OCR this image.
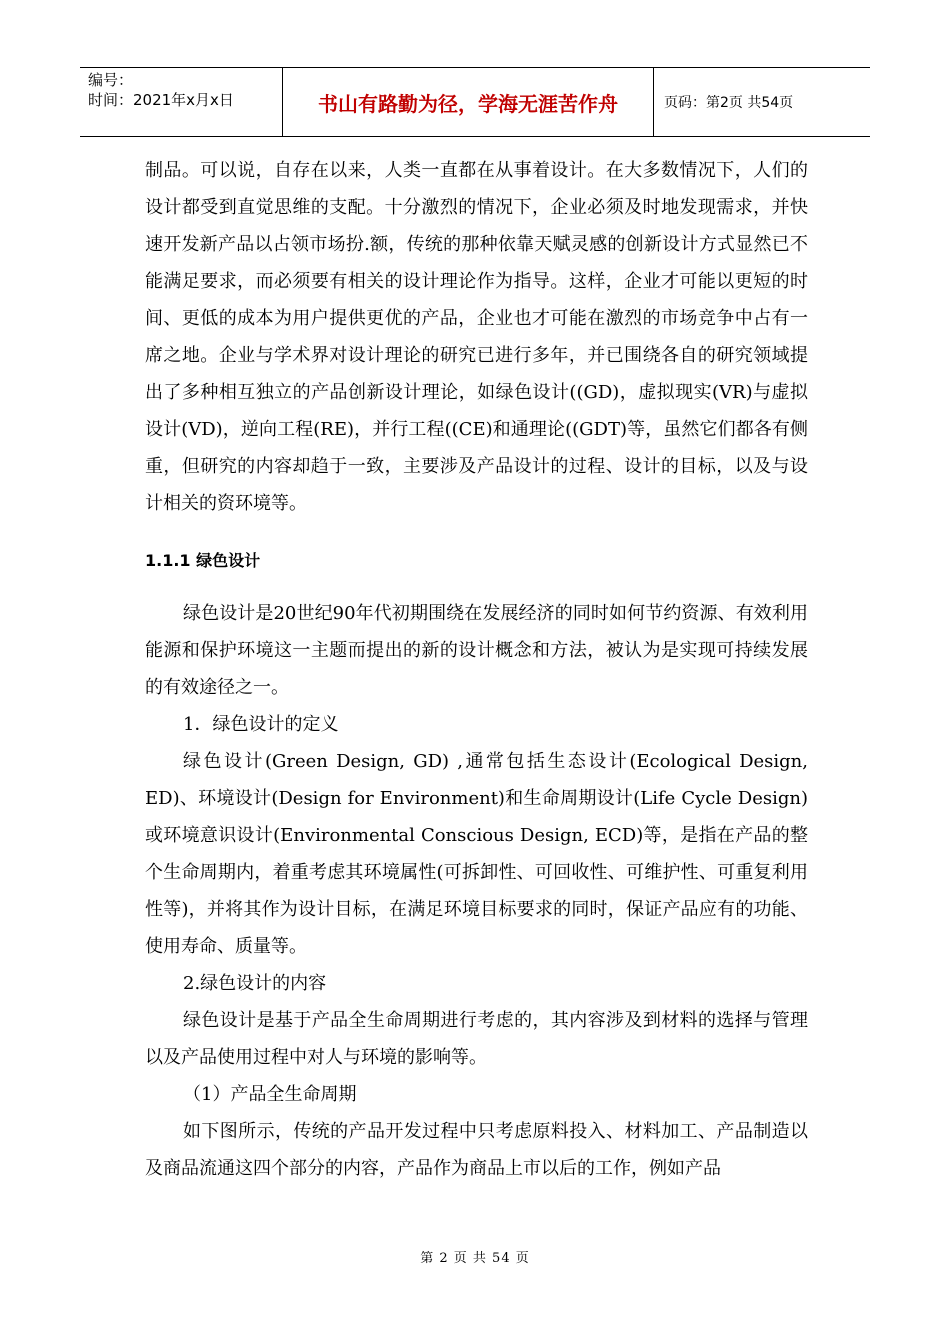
编号：
时间：2021年x月x日	书山有路勤为径，学海无涯苦作舟	页码：第2页 共54页

制品。可以说，自存在以来，人类一直都在从事着设计。在大多数情况下，人们的设计都受到直觉思维的支配。十分激烈的情况下，企业必须及时地发现需求，并快速开发新产品以占领市场扮.额，传统的那种依靠天赋灵感的创新设计方式显然已不能满足要求，而必须要有相关的设计理论作为指导。这样，企业才可能以更短的时间、更低的成本为用户提供更优的产品，企业也才可能在激烈的市场竞争中占有一席之地。企业与学术界对设计理论的研究已进行多年，并已围绕各自的研究领域提出了多种相互独立的产品创新设计理论，如绿色设计((GD)，虚拟现实(VR)与虚拟设计(VD)，逆向工程(RE)，并行工程((CE)和通理论((GDT)等，虽然它们都各有侧重，但研究的内容却趋于一致，主要涉及产品设计的过程、设计的目标，以及与设计相关的资环境等。

1.1.1 绿色设计

绿色设计是20世纪90年代初期围绕在发展经济的同时如何节约资源、有效利用能源和保护环境这一主题而提出的新的设计概念和方法，被认为是实现可持续发展的有效途径之一。

1．绿色设计的定义

绿色设计(Green Design, GD) ,通常包括生态设计(Ecological Design, ED)、环境设计(Design for Environment)和生命周期设计(Life Cycle Design)或环境意识设计(Environmental Conscious Design, ECD)等，是指在产品的整个生命周期内，着重考虑其环境属性(可拆卸性、可回收性、可维护性、可重复利用性等)，并将其作为设计目标，在满足环境目标要求的同时，保证产品应有的功能、使用寿命、质量等。

2.绿色设计的内容

绿色设计是基于产品全生命周期进行考虑的，其内容涉及到材料的选择与管理以及产品使用过程中对人与环境的影响等。

（1）产品全生命周期

如下图所示，传统的产品开发过程中只考虑原料投入、材料加工、产品制造以及商品流通这四个部分的内容，产品作为商品上市以后的工作，例如产品

第 2 页 共 54 页
